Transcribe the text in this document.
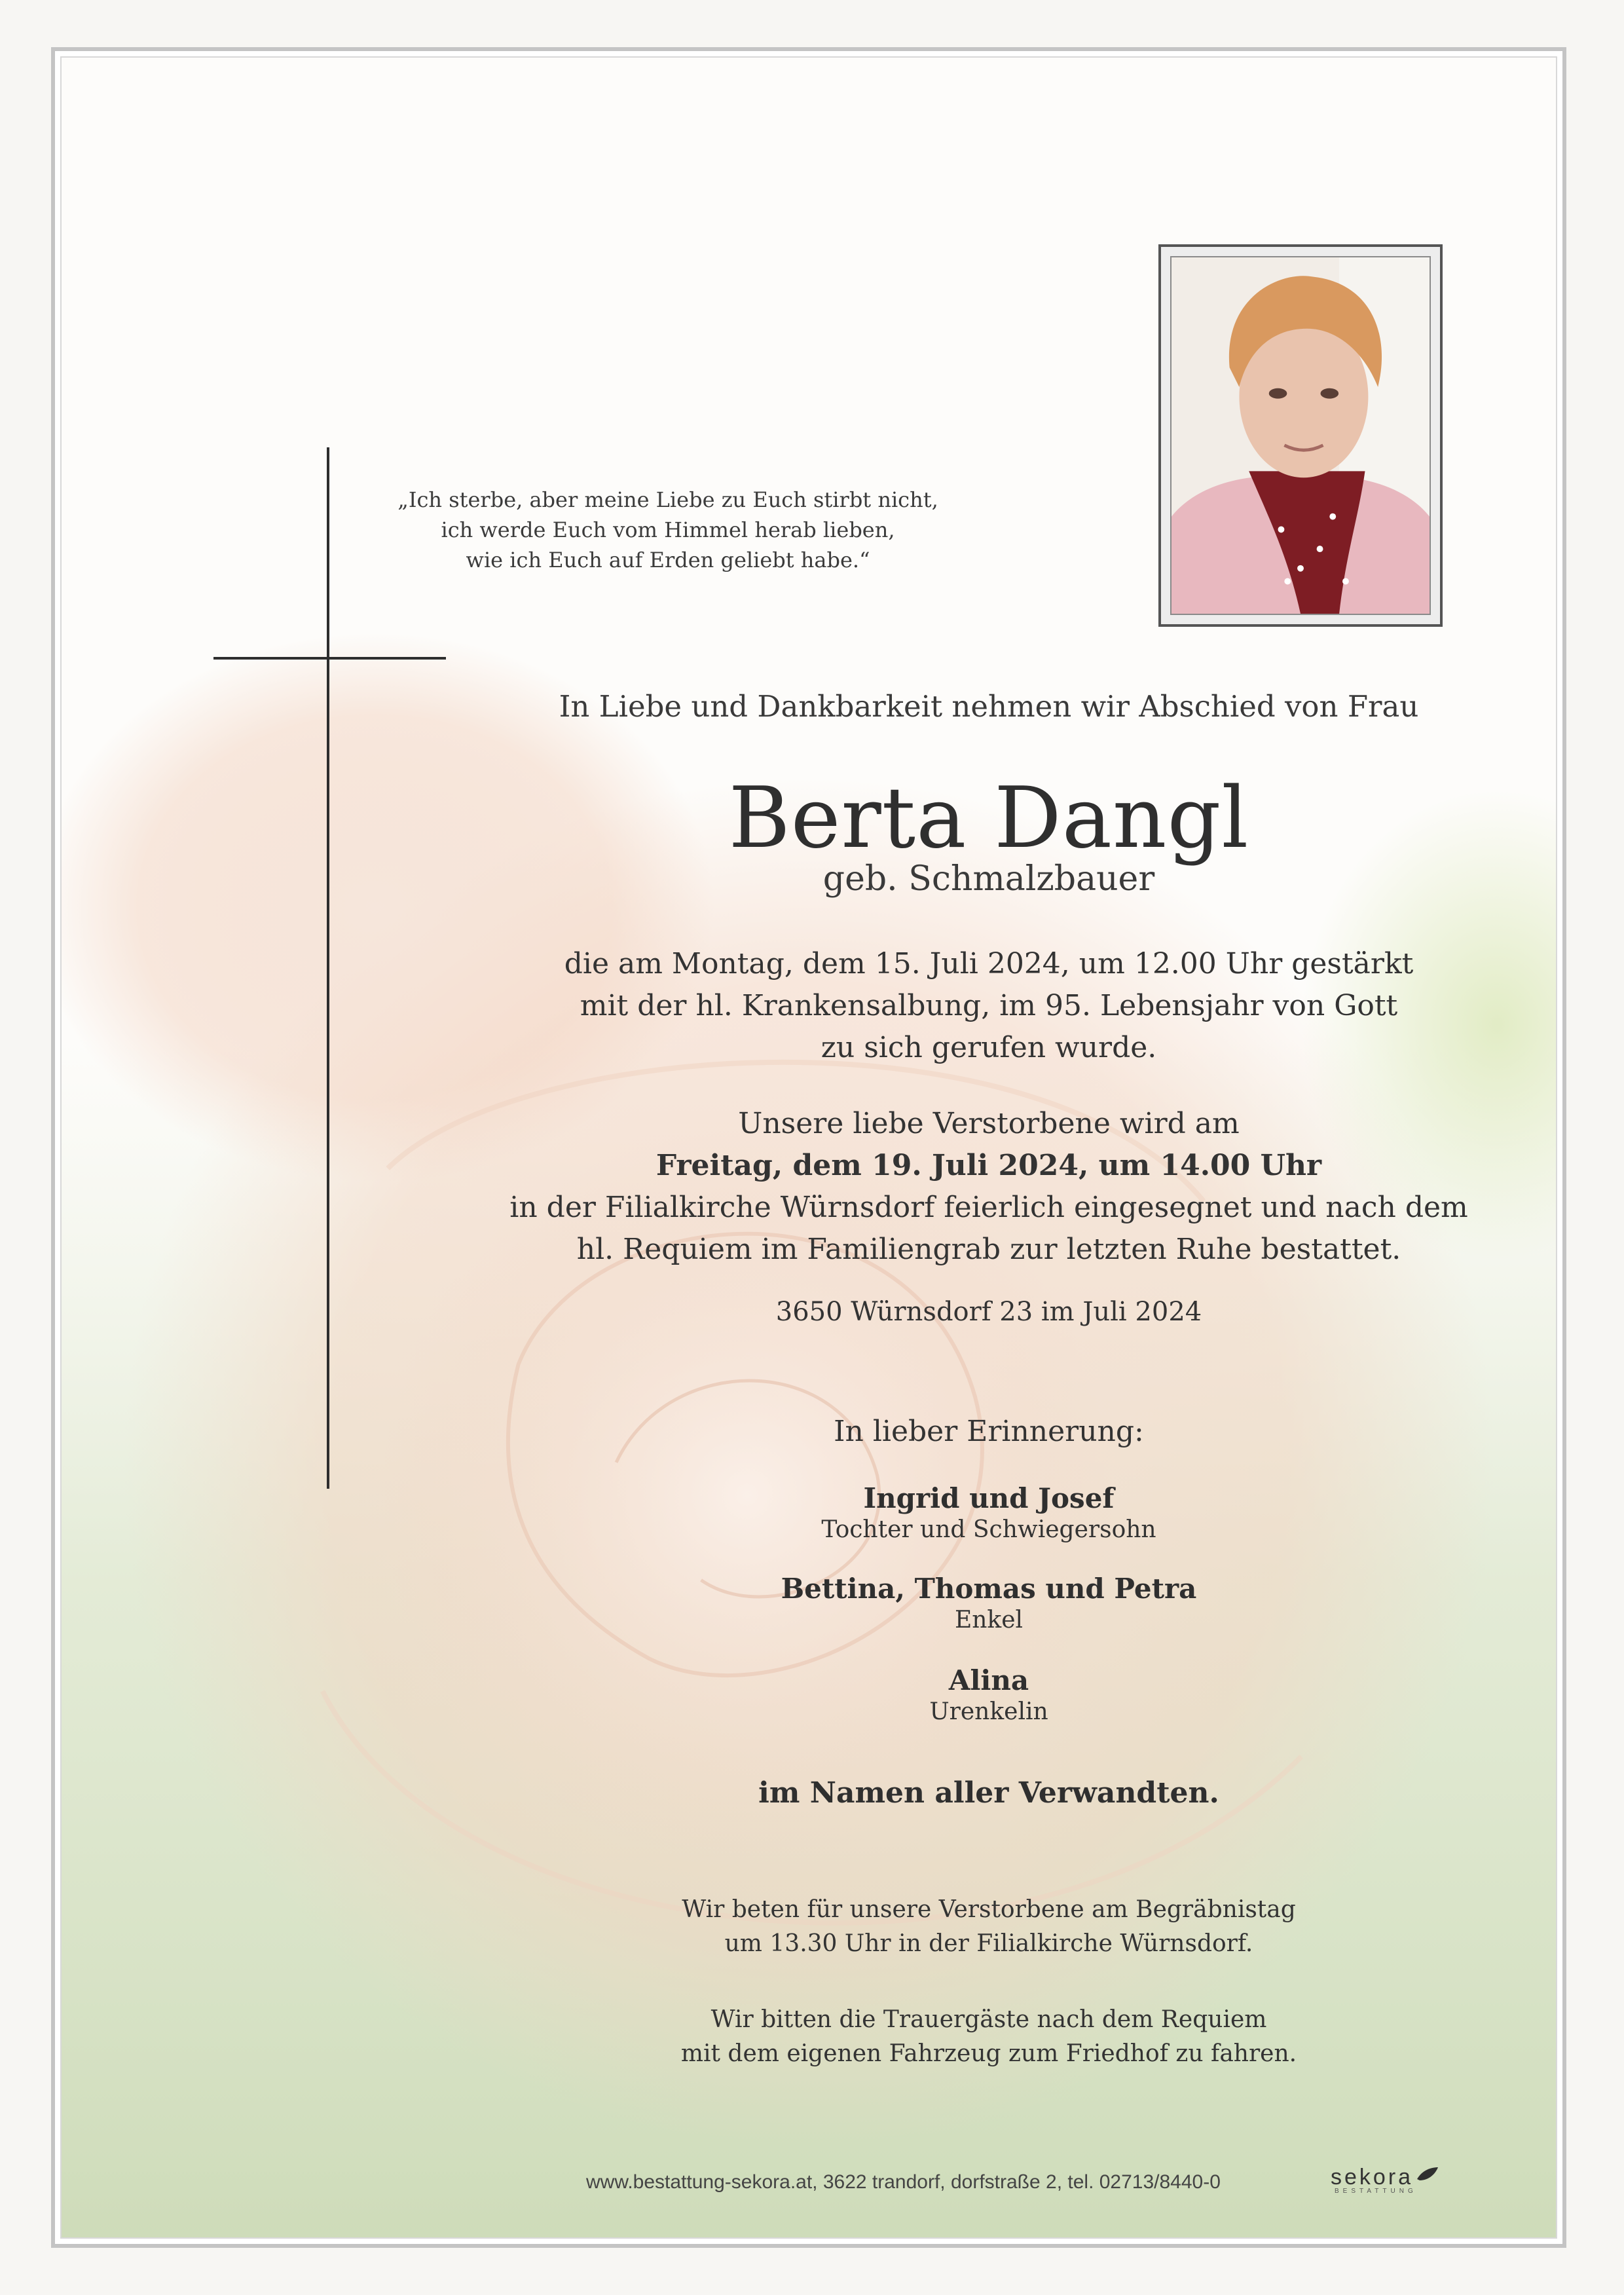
„Ich sterbe, aber meine Liebe zu Euch stirbt nicht,
ich werde Euch vom Himmel herab lieben,
wie ich Euch auf Erden geliebt habe.“
In Liebe und Dankbarkeit nehmen wir Abschied von Frau
Berta Dangl
geb. Schmalzbauer
die am Montag, dem 15. Juli 2024, um 12.00 Uhr gestärkt
mit der hl. Krankensalbung, im 95. Lebensjahr von Gott
zu sich gerufen wurde.
Unsere liebe Verstorbene wird am
Freitag, dem 19. Juli 2024, um 14.00 Uhr
in der Filialkirche Würnsdorf feierlich eingesegnet und nach dem
hl. Requiem im Familiengrab zur letzten Ruhe bestattet.
3650 Würnsdorf 23 im Juli 2024
In lieber Erinnerung:
Ingrid und Josef
Tochter und Schwiegersohn
Bettina, Thomas und Petra
Enkel
Alina
Urenkelin
im Namen aller Verwandten.
Wir beten für unsere Verstorbene am Begräbnistag
um 13.30 Uhr in der Filialkirche Würnsdorf.
Wir bitten die Trauergäste nach dem Requiem
mit dem eigenen Fahrzeug zum Friedhof zu fahren.
www.bestattung-sekora.at, 3622 trandorf, dorfstraße 2, tel. 02713/8440-0	sekora
BESTATTUNG
